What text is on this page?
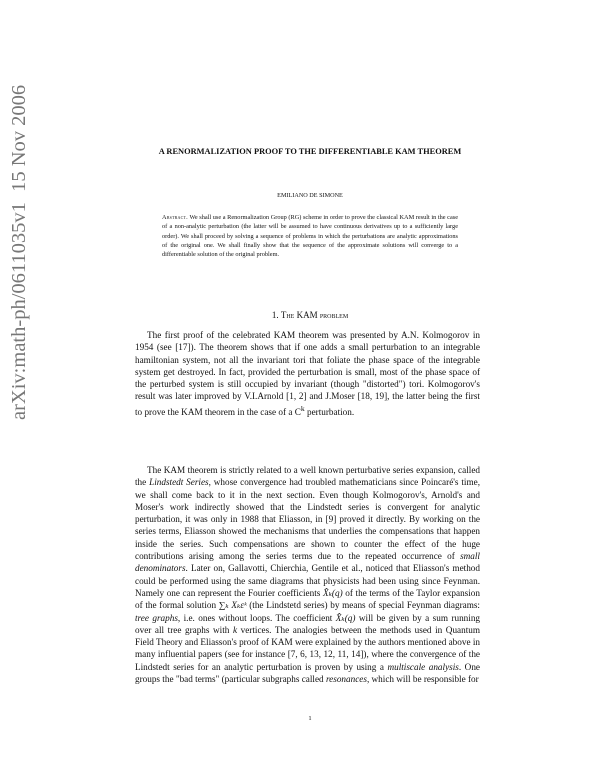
arXiv:math-ph/0611035v1  15 Nov 2006	A RENORMALIZATION PROOF TO THE DIFFERENTIABLE KAM THEOREM
EMILIANO DE SIMONE
Abstract. We shall use a Renormalization Group (RG) scheme in order to prove the classical KAM result in the case of a non-analytic perturbation (the latter will be assumed to have continuous derivatives up to a sufficiently large order). We shall proceed by solving a sequence of problems in which the perturbations are analytic approximations of the original one. We shall finally show that the sequence of the approximate solutions will converge to a differentiable solution of the original problem.
1. The KAM problem

The first proof of the celebrated KAM theorem was presented by A.N. Kolmogorov in 1954 (see [17]). The theorem shows that if one adds a small perturbation to an integrable hamiltonian system, not all the invariant tori that foliate the phase space of the integrable system get destroyed. In fact, provided the perturbation is small, most of the phase space of the perturbed system is still occupied by invariant (though "distorted") tori. Kolmogorov's result was later improved by V.I.Arnold [1, 2] and J.Moser [18, 19], the latter being the first to prove the KAM theorem in the case of a $C^k$ perturbation.

The KAM theorem is strictly related to a well known perturbative series expansion, called the Lindstedt Series, whose convergence had troubled mathematicians since Poincaré's time, we shall come back to it in the next section. Even though Kolmogorov's, Arnold's and Moser's work indirectly showed that the Lindstedt series is convergent for analytic perturbation, it was only in 1988 that Eliasson, in [9] proved it directly. By working on the series terms, Eliasson showed the mechanisms that underlies the compensations that happen inside the series. Such compensations are shown to counter the effect of the huge contributions arising among the series terms due to the repeated occurrence of small denominators. Later on, Gallavotti, Chierchia, Gentile et al., noticed that Eliasson's method could be performed using the same diagrams that physicists had been using since Feynman. Namely one can represent the Fourier coefficients X̂ₖ(q) of the terms of the Taylor expansion of the formal solution ∑ₖ Xₖεᵏ (the Lindstetd series) by means of special Feynman diagrams: tree graphs, i.e. ones without loops. The coefficient X̂ₖ(q) will be given by a sum running over all tree graphs with k vertices. The analogies between the methods used in Quantum Field Theory and Eliasson's proof of KAM were explained by the authors mentioned above in many influential papers (see for instance [7, 6, 13, 12, 11, 14]), where the convergence of the Lindstedt series for an analytic perturbation is proven by using a multiscale analysis. One groups the "bad terms" (particular subgraphs called resonances, which will be responsible for

1
